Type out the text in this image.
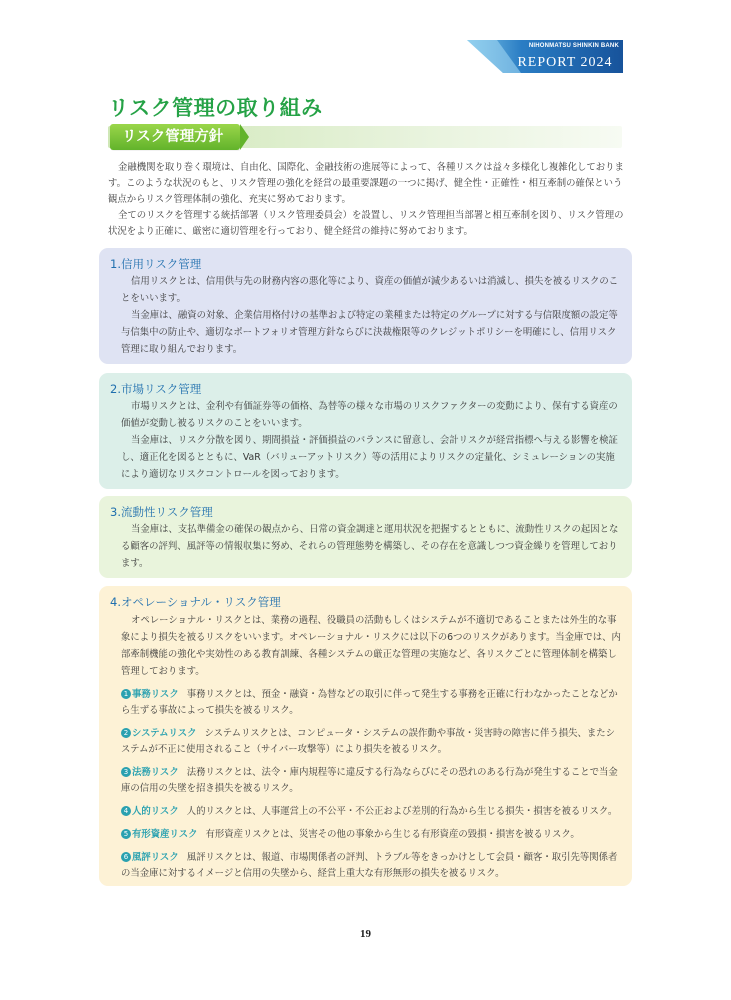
NIHONMATSU SHINKIN BANK
REPORT 2024
リスク管理の取り組み
リスク管理方針

金融機関を取り巻く環境は、自由化、国際化、金融技術の進展等によって、各種リスクは益々多様化し複雑化しております。このような状況のもと、リスク管理の強化を経営の最重要課題の一つに掲げ、健全性・正確性・相互牽制の確保という観点からリスク管理体制の強化、充実に努めております。

全てのリスクを管理する統括部署（リスク管理委員会）を設置し、リスク管理担当部署と相互牽制を図り、リスク管理の状況をより正確に、厳密に適切管理を行っており、健全経営の維持に努めております。

1.信用リスク管理

信用リスクとは、信用供与先の財務内容の悪化等により、資産の価値が減少あるいは消滅し、損失を被るリスクのことをいいます。

当金庫は、融資の対象、企業信用格付けの基準および特定の業種または特定のグループに対する与信限度額の設定等与信集中の防止や、適切なポートフォリオ管理方針ならびに決裁権限等のクレジットポリシーを明確にし、信用リスク管理に取り組んでおります。

2.市場リスク管理

市場リスクとは、金利や有価証券等の価格、為替等の様々な市場のリスクファクターの変動により、保有する資産の価値が変動し被るリスクのことをいいます。

当金庫は、リスク分散を図り、期間損益・評価損益のバランスに留意し、会計リスクが経営指標へ与える影響を検証し、適正化を図るとともに、VaR（バリューアットリスク）等の活用によりリスクの定量化、シミュレーションの実施により適切なリスクコントロールを図っております。

3.流動性リスク管理

当金庫は、支払準備金の確保の観点から、日常の資金調達と運用状況を把握するとともに、流動性リスクの起因となる顧客の評判、風評等の情報収集に努め、それらの管理態勢を構築し、その存在を意識しつつ資金繰りを管理しております。

4.オペレーショナル・リスク管理

オペレーショナル・リスクとは、業務の過程、役職員の活動もしくはシステムが不適切であることまたは外生的な事象により損失を被るリスクをいいます。オペレーショナル・リスクには以下の6つのリスクがあります。当金庫では、内部牽制機能の強化や実効性のある教育訓練、各種システムの厳正な管理の実施など、各リスクごとに管理体制を構築し管理しております。

1 事務リスク 事務リスクとは、預金・融資・為替などの取引に伴って発生する事務を正確に行わなかったことなどから生ずる事故によって損失を被るリスク。
2 システムリスク システムリスクとは、コンピュータ・システムの誤作動や事故・災害時の障害に伴う損失、またシステムが不正に使用されること（サイバー攻撃等）により損失を被るリスク。
3 法務リスク 法務リスクとは、法令・庫内規程等に違反する行為ならびにその恐れのある行為が発生することで当金庫の信用の失墜を招き損失を被るリスク。
4 人的リスク 人的リスクとは、人事運営上の不公平・不公正および差別的行為から生じる損失・損害を被るリスク。
5 有形資産リスク 有形資産リスクとは、災害その他の事象から生じる有形資産の毀損・損害を被るリスク。
6 風評リスク 風評リスクとは、報道、市場関係者の評判、トラブル等をきっかけとして会員・顧客・取引先等関係者の当金庫に対するイメージと信用の失墜から、経営上重大な有形無形の損失を被るリスク。
19
